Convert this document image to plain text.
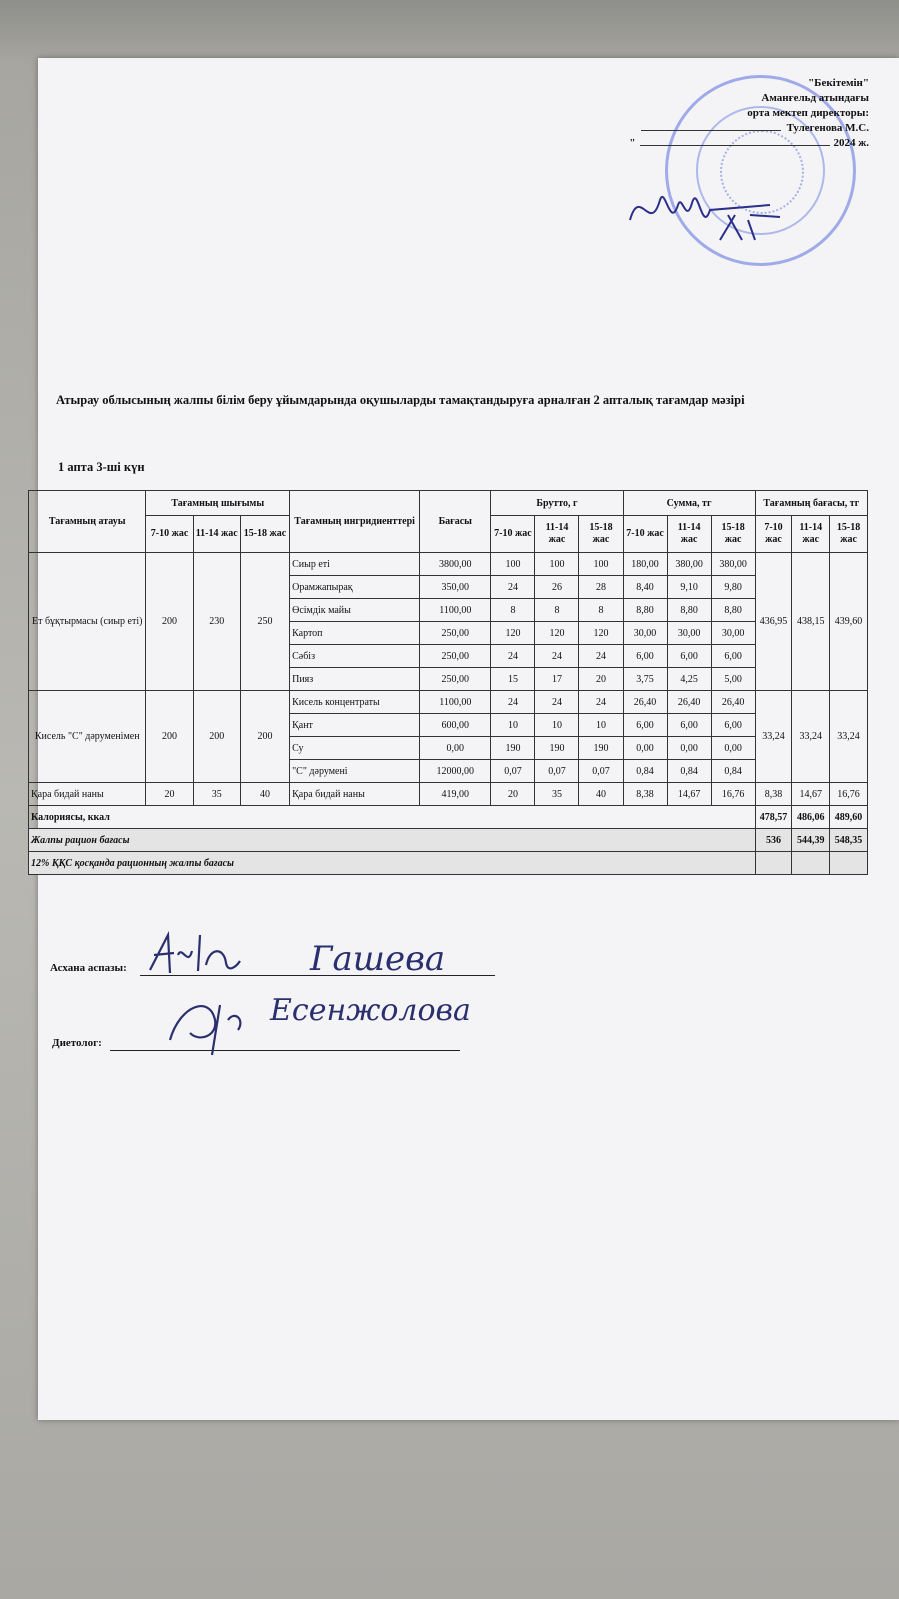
"Бекітемін"
Аманғельд атындағы
орта мектеп директоры:
Тулегенова М.С.
"	2024 ж.
Атырау облысының жалпы білім беру ұйымдарында оқушыларды тамақтандыруға арналған 2 апталық тағамдар мәзірі
1 апта 3-ші күн
Тағамның атауы	Тағамның шығымы			Тағамның ингридиенттері	Бағасы	Брутто, г			Сумма, тг			Тағамның бағасы, тг		
	7-10 жас	11-14 жас	15-18 жас			7-10 жас	11-14 жас	15-18 жас	7-10 жас	11-14 жас	15-18 жас	7-10 жас	11-14 жас	15-18 жас
Ет бұқтырмасы (сиыр еті)	200	230	250	Сиыр еті	3800,00	100	100	100	180,00	380,00	380,00	436,95	438,15	439,60
				Орамжапырақ	350,00	24	26	28	8,40	9,10	9,80			
				Өсімдік майы	1100,00	8	8	8	8,80	8,80	8,80			
				Картоп	250,00	120	120	120	30,00	30,00	30,00			
				Сәбіз	250,00	24	24	24	6,00	6,00	6,00			
				Пияз	250,00	15	17	20	3,75	4,25	5,00			
Кисель "С" дәруменімен	200	200	200	Кисель концентраты	1100,00	24	24	24	26,40	26,40	26,40	33,24	33,24	33,24
				Қант	600,00	10	10	10	6,00	6,00	6,00			
				Су	0,00	190	190	190	0,00	0,00	0,00			
				"С" дәрумені	12000,00	0,07	0,07	0,07	0,84	0,84	0,84			
Қара бидай наны	20	35	40	Қара бидай наны	419,00	20	35	40	8,38	14,67	16,76	8,38	14,67	16,76
Калориясы, ккал												478,57	486,06	489,60
Жалпы рацион бағасы												536	544,39	548,35
12% ҚҚС қосқанда рационның жалпы бағасы														
Асхана аспазы:
Диетолог:
Гашева
Есенжолова
